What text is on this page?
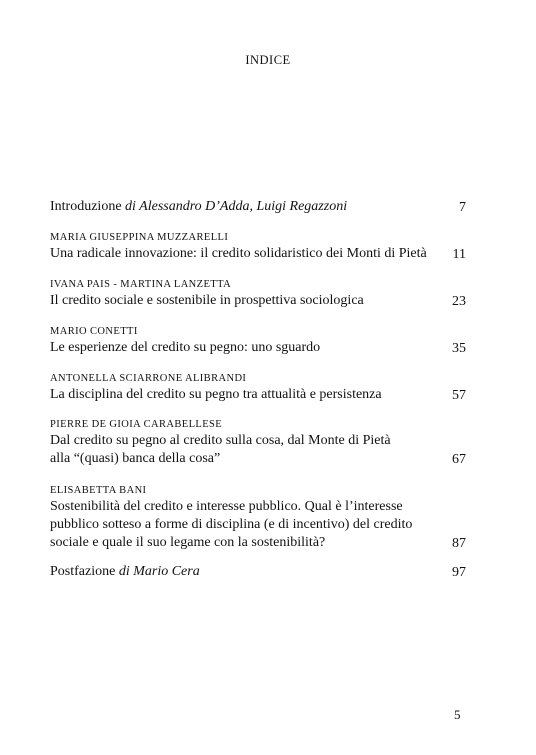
INDICE
Introduzione di Alessandro D’Adda, Luigi Regazzoni	7
MARIA GIUSEPPINA MUZZARELLI
Una radicale innovazione: il credito solidaristico dei Monti di Pietà	11
IVANA PAIS - MARTINA LANZETTA
Il credito sociale e sostenibile in prospettiva sociologica	23
MARIO CONETTI
Le esperienze del credito su pegno: uno sguardo	35
ANTONELLA SCIARRONE ALIBRANDI
La disciplina del credito su pegno tra attualità e persistenza	57
PIERRE DE GIOIA CARABELLESE
Dal credito su pegno al credito sulla cosa, dal Monte di Pietà
alla “(quasi) banca della cosa”	67
ELISABETTA BANI
Sostenibilità del credito e interesse pubblico. Qual è l’interesse
pubblico sotteso a forme di disciplina (e di incentivo) del credito
sociale e quale il suo legame con la sostenibilità?	87
Postfazione di Mario Cera	97
5
